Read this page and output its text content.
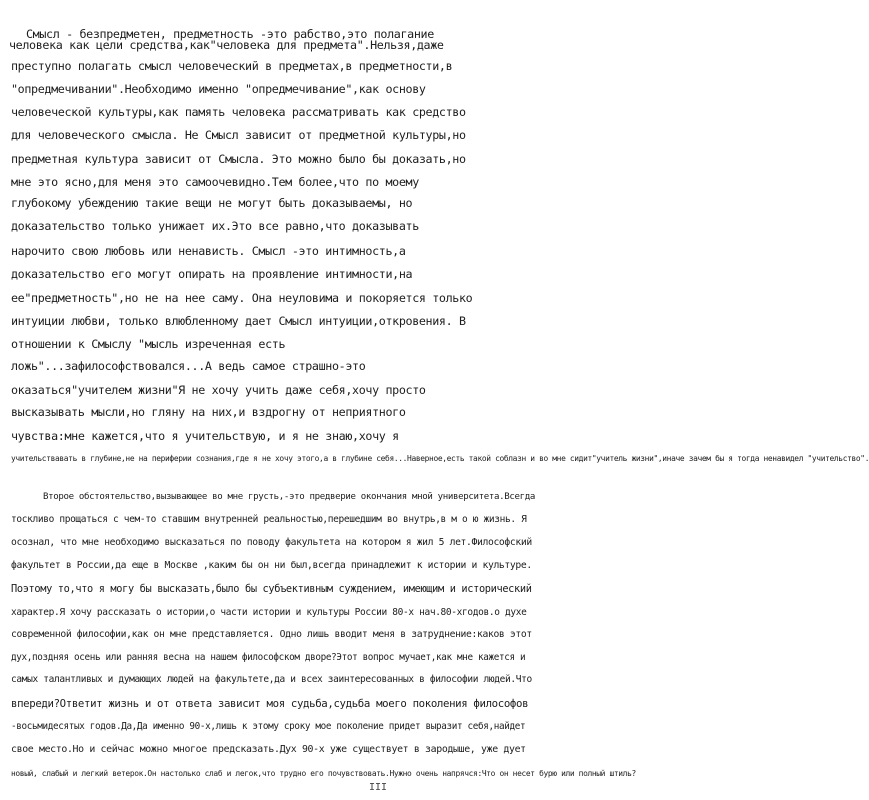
Смысл - безпредметен, предметность -это рабство,это полагание
человека как цели средства,как"человека для предмета".Нельзя,даже
преступно полагать смысл человеческий в предметах,в предметности,в
"опредмечивании".Необходимо именно "опредмечивание",как основу
человеческой культуры,как память человека рассматривать как средство
для человеческого смысла. Не Смысл зависит от предметной культуры,но
предметная культура зависит от Смысла. Это можно было бы доказать,но
мне это ясно,для меня это самоочевидно.Тем более,что по моему
глубокому убеждению такие вещи не могут быть доказываемы, но
доказательство только унижает их.Это все равно,что доказывать
нарочито свою любовь или ненависть. Смысл -это интимность,а
доказательство его могут опирать на проявление интимности,на
ее"предметность",но не на нее саму. Она неуловима и покоряется только
интуиции любви, только влюбленному дает Смысл интуиции,откровения. В
отношении к Смыслу "мысль изреченная есть
ложь"...зафилософствовался...А ведь самое страшно-это
оказаться"учителем жизни"Я не хочу учить даже себя,хочу просто
высказывать мысли,но гляну на них,и вздрогну от неприятного
чувства:мне кажется,что я учительствую, и я не знаю,хочу я
учительствавать в глубине,не на периферии сознания,где я не хочу этого,а в глубине себя...Наверное,есть такой соблазн и во мне сидит"учитель жизни",иначе зачем бы я тогда ненавидел "учительство".
Второе обстоятельство,вызывающее во мне грусть,-это предверие окончания мной университета.Всегда
тоскливо прощаться с чем-то ставшим внутренней реальностью,перешедшим во внутрь,в м о ю жизнь. Я
осознал, что мне необходимо высказаться по поводу факультета на котором я жил 5 лет.Философский
факультет в России,да еще в Москве ,каким бы он ни был,всегда принадлежит к истории и культуре.
Поэтому то,что я могу бы высказать,было бы субъективным суждением, имеющим и исторический
характер.Я хочу рассказать о истории,о части истории и культуры России 80-х нач.80-хгодов.о духе
современной философии,как он мне представляется. Одно лишь вводит меня в затруднение:каков этот
дух,поздняя осень или ранняя весна на нашем философском дворе?Этот вопрос мучает,как мне кажется и
самых талантливых и думающих людей на факультете,да и всех заинтересованных в философии людей.Что
впереди?Ответит жизнь и от ответа зависит моя судьба,судьба моего поколения философов
-восьмидесятых годов.Да,Да именно 90-х,лишь к этому сроку мое поколение придет выразит себя,найдет
свое место.Но и сейчас можно многое предсказать.Дух 90-х уже существует в зародыше, уже дует
новый, слабый и легкий ветерок.Он настолько слаб и легок,что трудно его почувствовать.Нужно очень напрячся:Что он несет бурю или полный штиль?
III
